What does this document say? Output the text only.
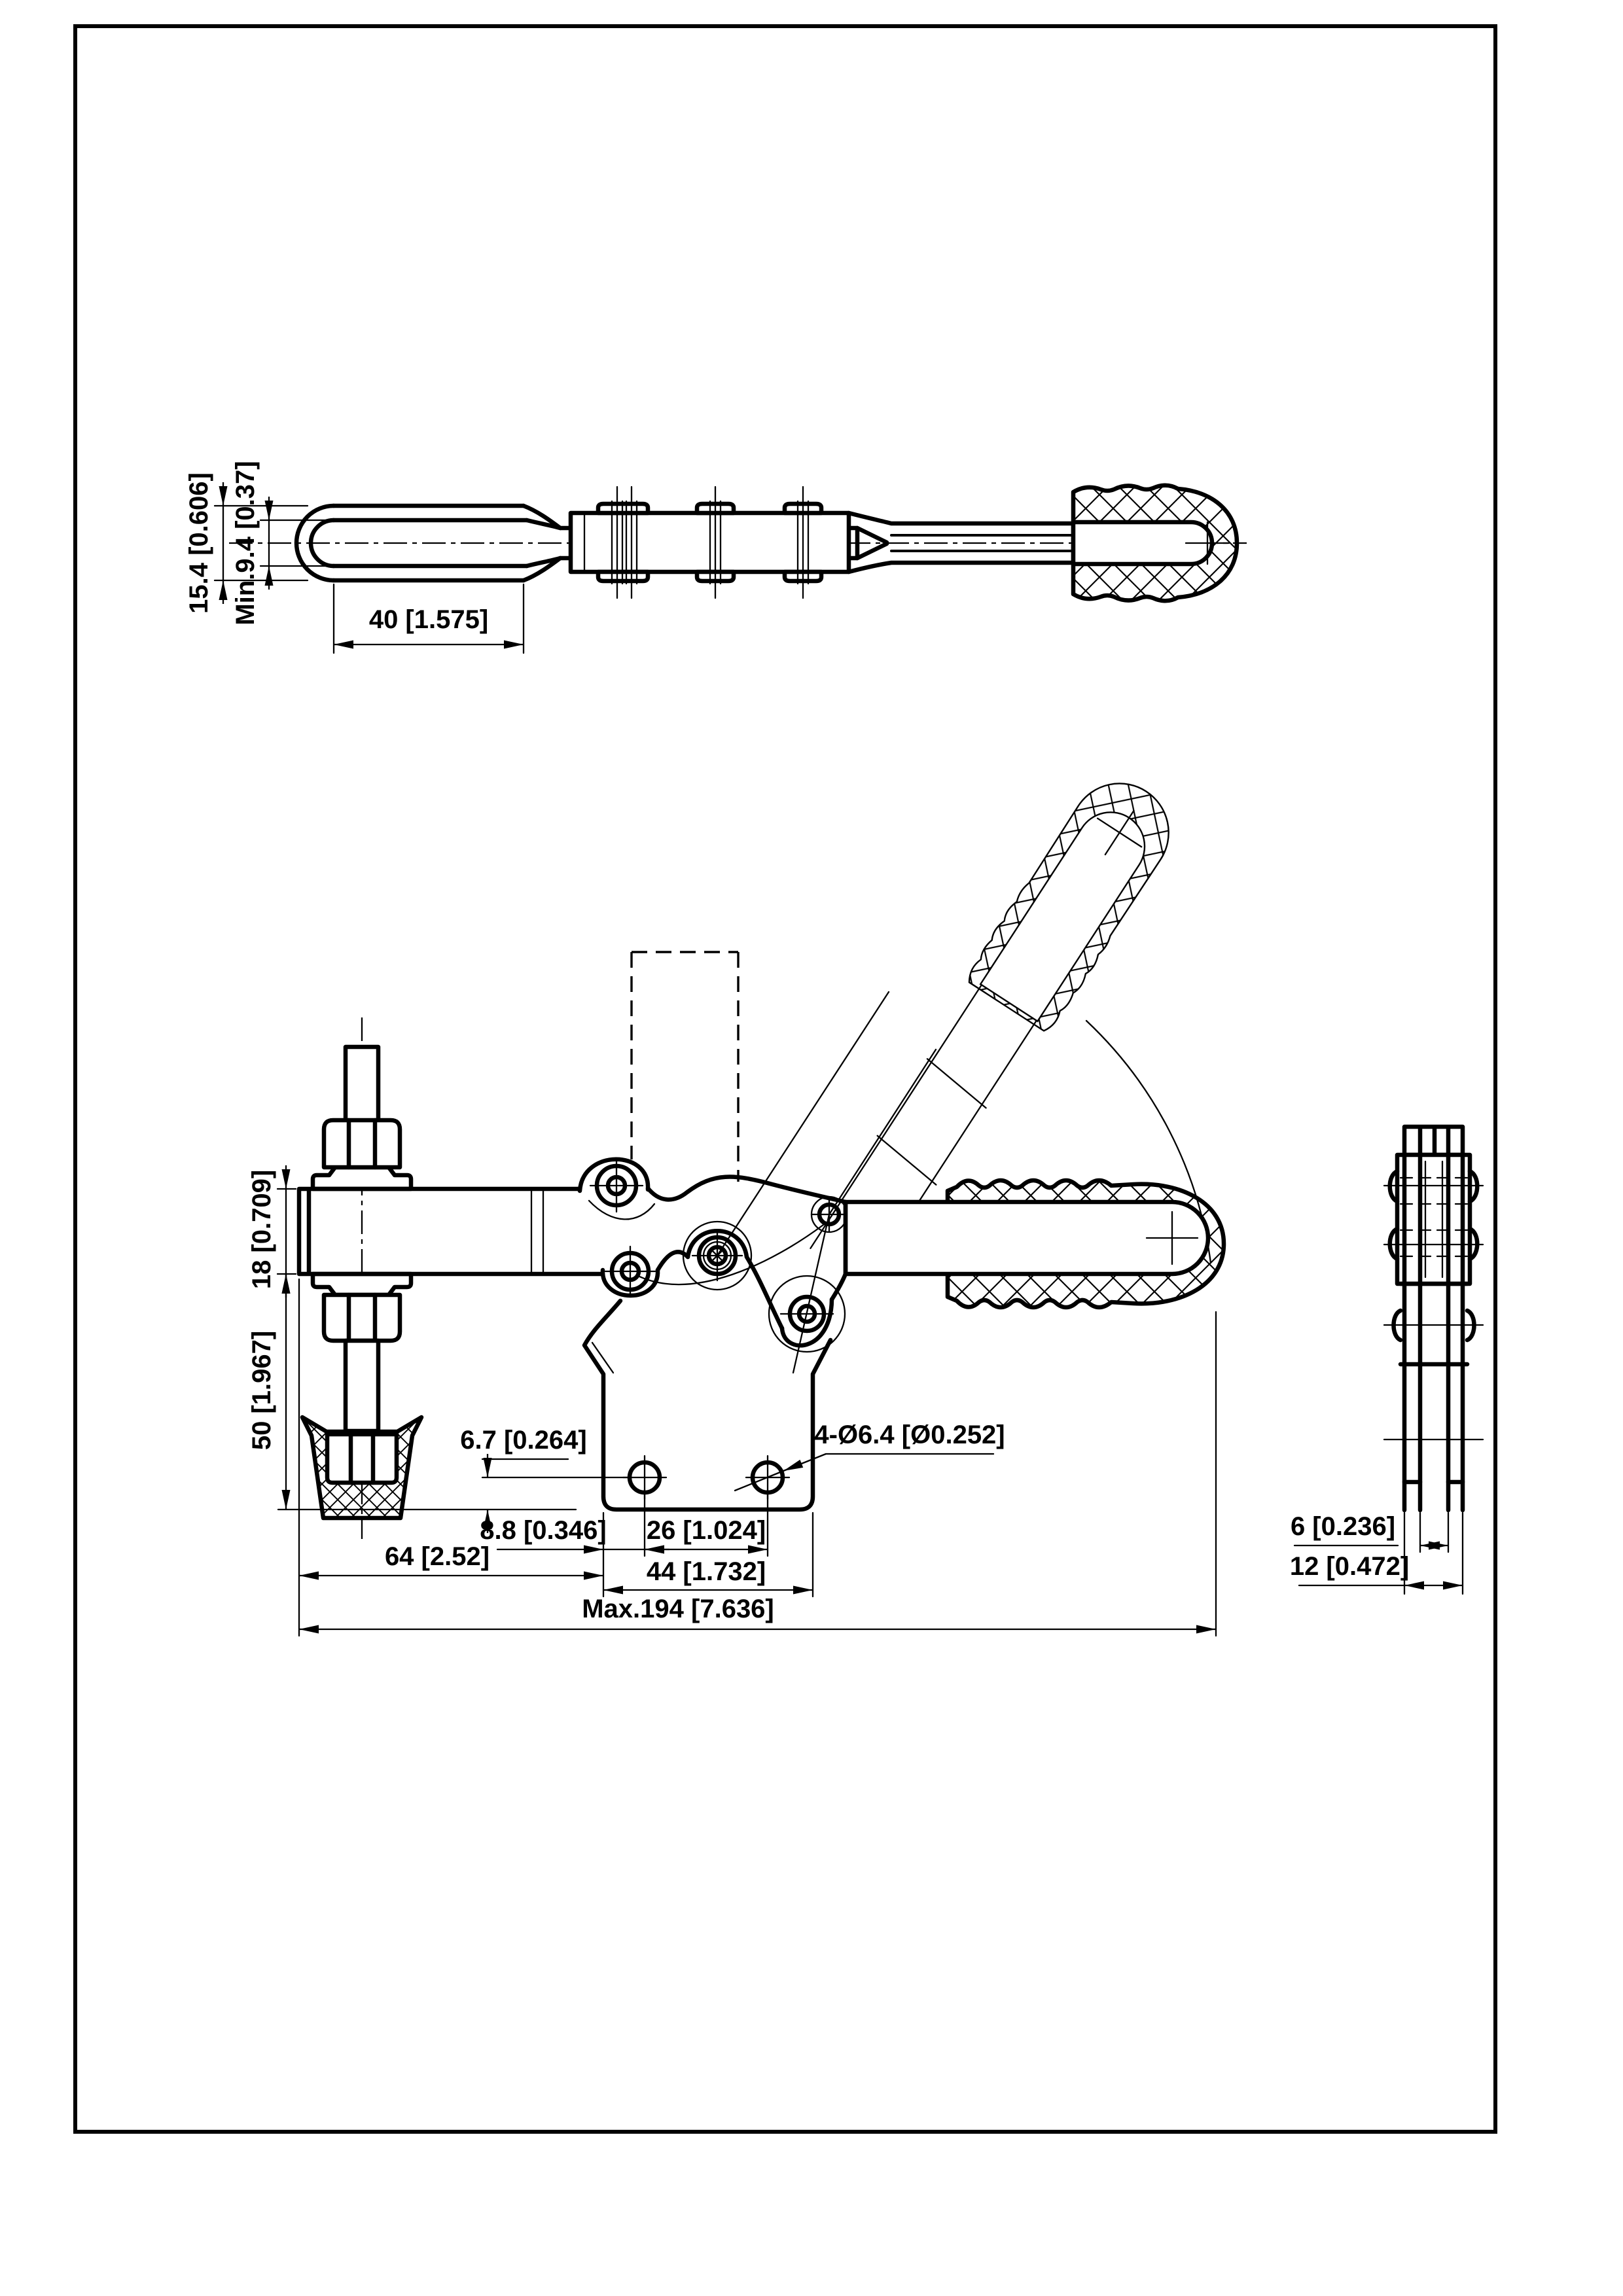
15.4 [0.606] Min.9.4 [0.37]	40 [1.575]
18 [0.709]
50 [1.967]	6.7 [0.264]	4-Ø6.4 [Ø0.252]
8.8 [0.346] 26 [1.024]
64 [2.52]
44 [1.732]
Max.194 [7.636]
6 [0.236]
12 [0.472]
